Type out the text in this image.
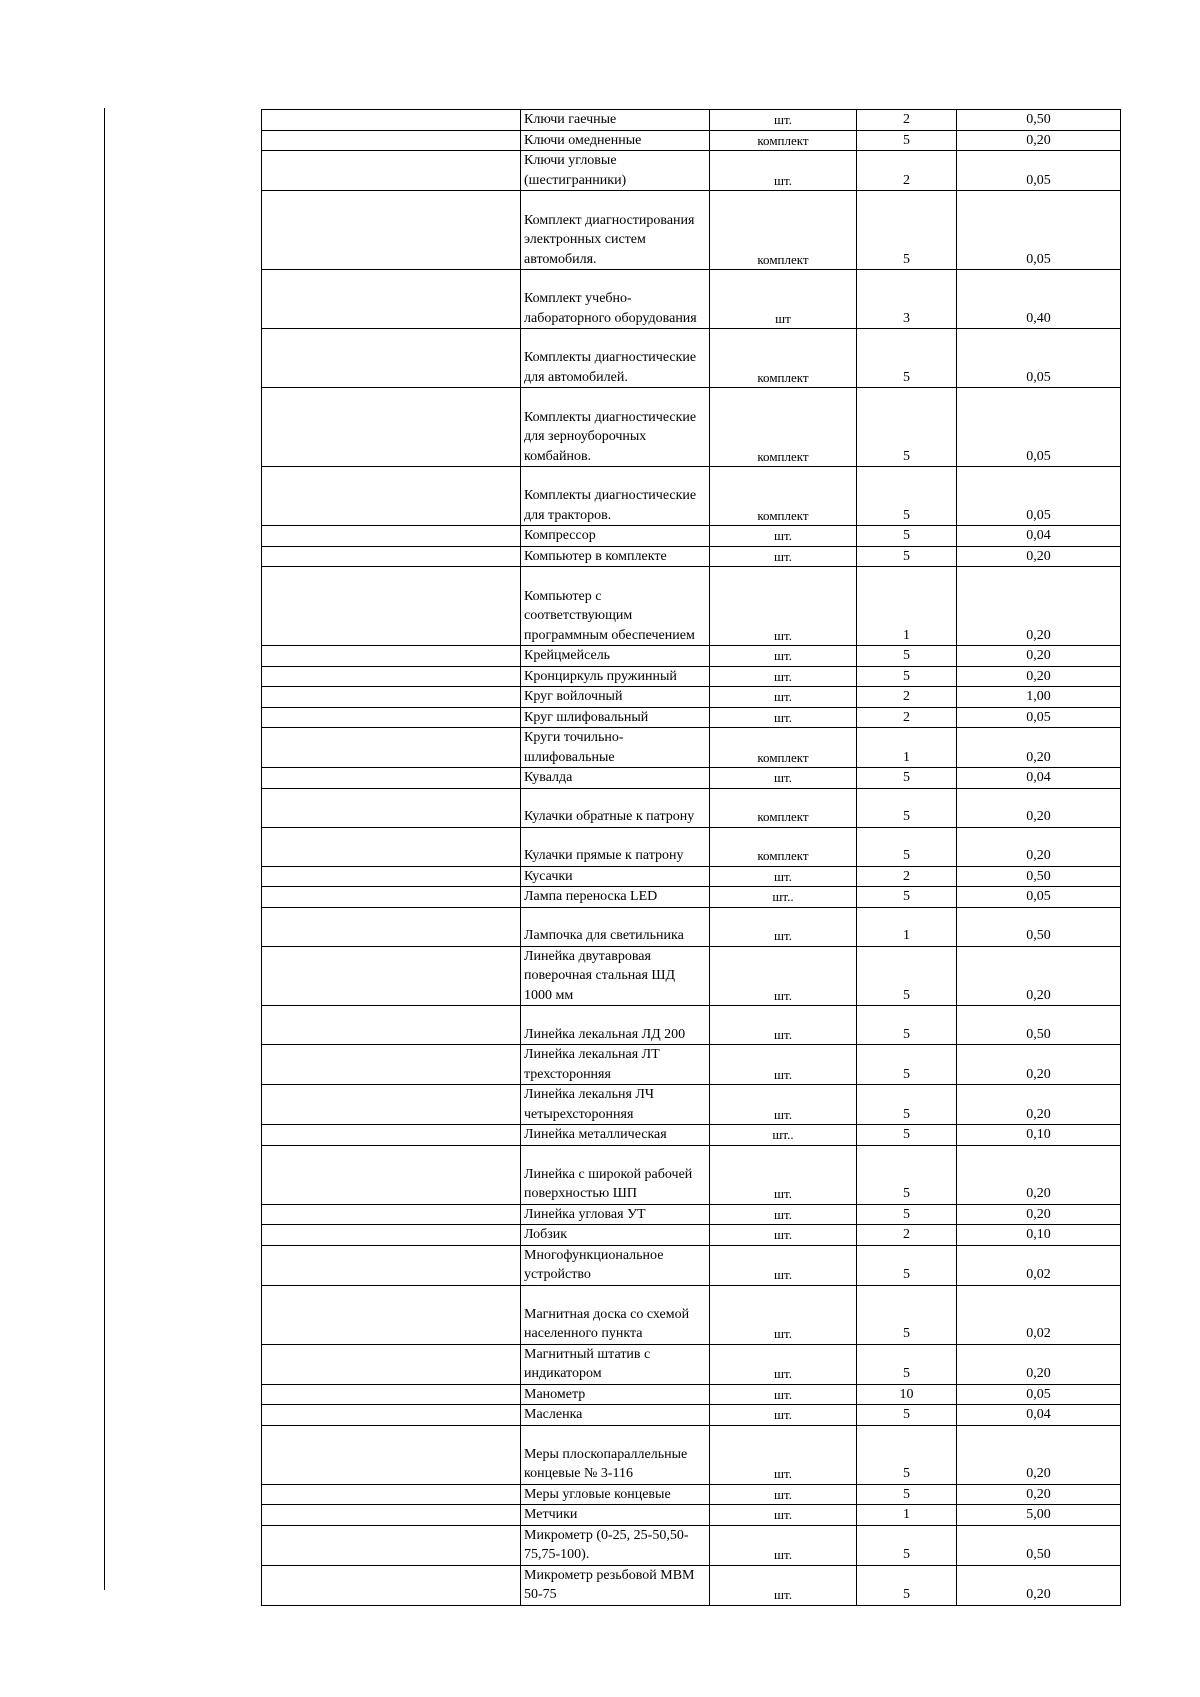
	Ключи гаечные	шт.	2	0,50
	Ключи омедненные	комплект	5	0,20
	Ключи угловые (шестигранники)	шт.	2	0,05
	Комплект диагностирования электронных систем автомобиля.	комплект	5	0,05
	Комплект учебно-лабораторного оборудования	шт	3	0,40
	Комплекты диагностические для автомобилей.	комплект	5	0,05
	Комплекты диагностические для зерноуборочных комбайнов.	комплект	5	0,05
	Комплекты диагностические для тракторов.	комплект	5	0,05
	Компрессор	шт.	5	0,04
	Компьютер в комплекте	шт.	5	0,20
	Компьютер с соответствующим программным обеспечением	шт.	1	0,20
	Крейцмейсель	шт.	5	0,20
	Кронциркуль пружинный	шт.	5	0,20
	Круг войлочный	шт.	2	1,00
	Круг шлифовальный	шт.	2	0,05
	Круги точильно-шлифовальные	комплект	1	0,20
	Кувалда	шт.	5	0,04
	Кулачки обратные к патрону	комплект	5	0,20
	Кулачки прямые к патрону	комплект	5	0,20
	Кусачки	шт.	2	0,50
	Лампа переноска LED	шт..	5	0,05
	Лампочка для светильника	шт.	1	0,50
	Линейка двутавровая поверочная стальная ШД 1000 мм	шт.	5	0,20
	Линейка лекальная ЛД 200	шт.	5	0,50
	Линейка лекальная ЛТ трехсторонняя	шт.	5	0,20
	Линейка лекальня ЛЧ четырехсторонняя	шт.	5	0,20
	Линейка металлическая	шт..	5	0,10
	Линейка с широкой рабочей поверхностью ШП	шт.	5	0,20
	Линейка угловая УТ	шт.	5	0,20
	Лобзик	шт.	2	0,10
	Многофункциональное устройство	шт.	5	0,02
	Магнитная доска со схемой населенного пункта	шт.	5	0,02
	Магнитный штатив с индикатором	шт.	5	0,20
	Манометр	шт.	10	0,05
	Масленка	шт.	5	0,04
	Меры плоскопараллельные концевые № 3-116	шт.	5	0,20
	Меры угловые концевые	шт.	5	0,20
	Метчики	шт.	1	5,00
	Микрометр (0-25, 25-50,50-75,75-100).	шт.	5	0,50
	Микрометр резьбовой МВМ 50-75	шт.	5	0,20
